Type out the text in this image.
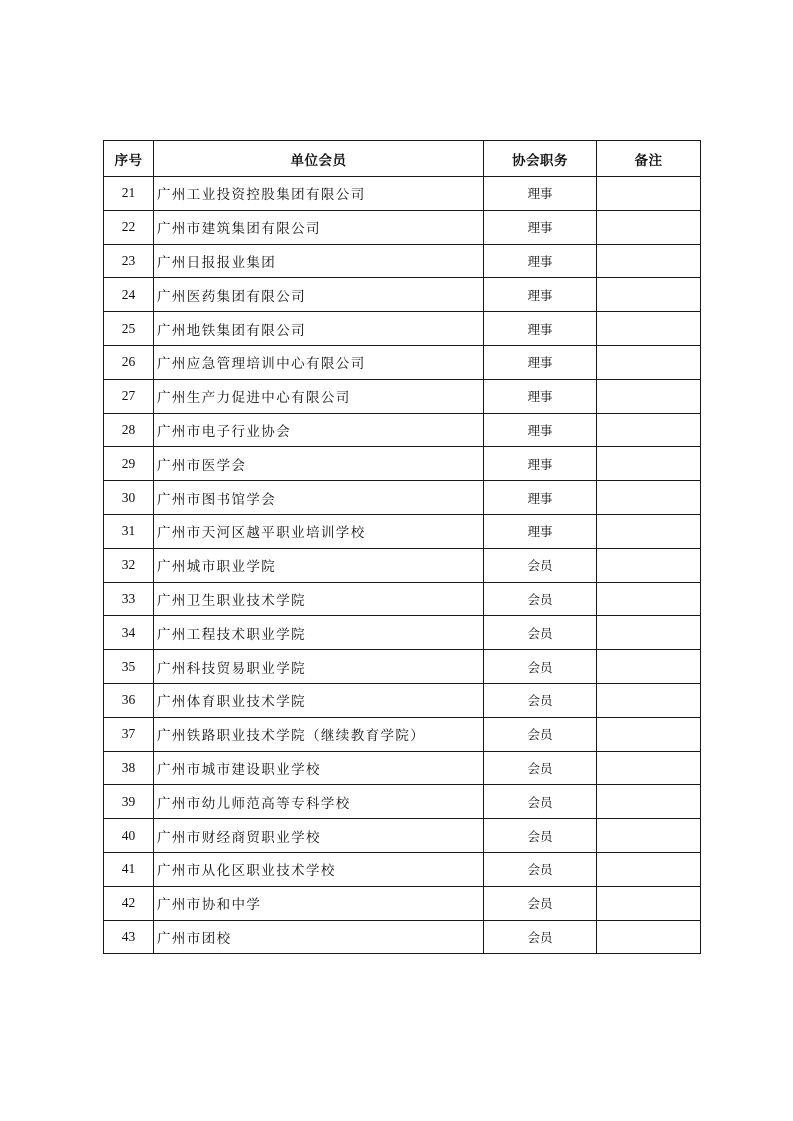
序号	单位会员	协会职务	备注
21	广州工业投资控股集团有限公司	理事	
22	广州市建筑集团有限公司	理事	
23	广州日报报业集团	理事	
24	广州医药集团有限公司	理事	
25	广州地铁集团有限公司	理事	
26	广州应急管理培训中心有限公司	理事	
27	广州生产力促进中心有限公司	理事	
28	广州市电子行业协会	理事	
29	广州市医学会	理事	
30	广州市图书馆学会	理事	
31	广州市天河区越平职业培训学校	理事	
32	广州城市职业学院	会员	
33	广州卫生职业技术学院	会员	
34	广州工程技术职业学院	会员	
35	广州科技贸易职业学院	会员	
36	广州体育职业技术学院	会员	
37	广州铁路职业技术学院（继续教育学院）	会员	
38	广州市城市建设职业学校	会员	
39	广州市幼儿师范高等专科学校	会员	
40	广州市财经商贸职业学校	会员	
41	广州市从化区职业技术学校	会员	
42	广州市协和中学	会员	
43	广州市团校	会员	
